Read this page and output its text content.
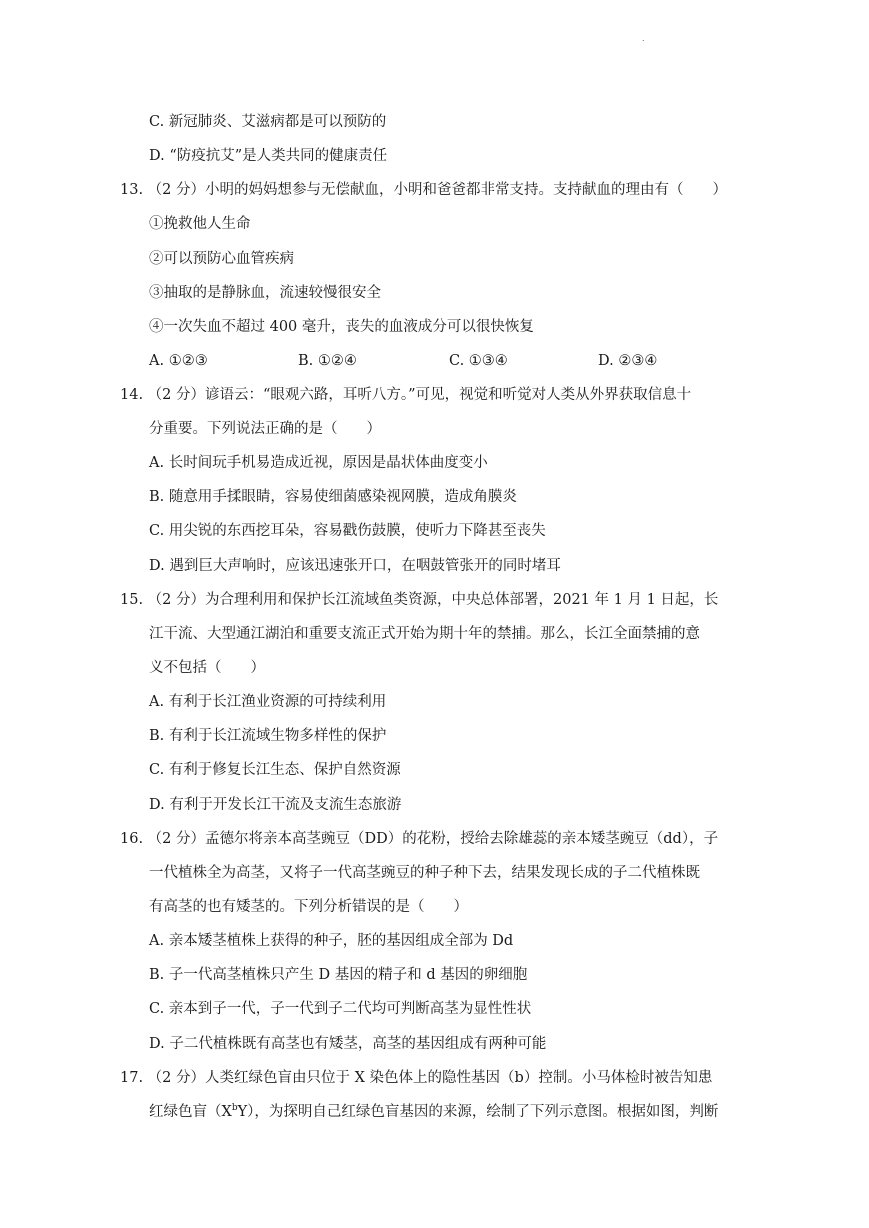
.
C. 新冠肺炎、艾滋病都是可以预防的
D. “防疫抗艾”是人类共同的健康责任
13. （2 分）小明的妈妈想参与无偿献血，小明和爸爸都非常支持。支持献血的理由有（　　）
①挽救他人生命
②可以预防心血管疾病
③抽取的是静脉血，流速较慢很安全
④一次失血不超过 400 毫升，丧失的血液成分可以很快恢复
A. ①②③	B. ①②④	C. ①③④	D. ②③④
14. （2 分）谚语云：“眼观六路，耳听八方。”可见，视觉和听觉对人类从外界获取信息十
分重要。下列说法正确的是（　　）
A. 长时间玩手机易造成近视，原因是晶状体曲度变小
B. 随意用手揉眼睛，容易使细菌感染视网膜，造成角膜炎
C. 用尖锐的东西挖耳朵，容易戳伤鼓膜，使听力下降甚至丧失
D. 遇到巨大声响时，应该迅速张开口，在咽鼓管张开的同时堵耳
15. （2 分）为合理利用和保护长江流域鱼类资源，中央总体部署，2021 年 1 月 1 日起，长
江干流、大型通江湖泊和重要支流正式开始为期十年的禁捕。那么，长江全面禁捕的意
义不包括（　　）
A. 有利于长江渔业资源的可持续利用
B. 有利于长江流域生物多样性的保护
C. 有利于修复长江生态、保护自然资源
D. 有利于开发长江干流及支流生态旅游
16. （2 分）孟德尔将亲本高茎豌豆（DD）的花粉，授给去除雄蕊的亲本矮茎豌豆（dd），子
一代植株全为高茎，又将子一代高茎豌豆的种子种下去，结果发现长成的子二代植株既
有高茎的也有矮茎的。下列分析错误的是（　　）
A. 亲本矮茎植株上获得的种子，胚的基因组成全部为 Dd
B. 子一代高茎植株只产生 D 基因的精子和 d 基因的卵细胞
C. 亲本到子一代，子一代到子二代均可判断高茎为显性性状
D. 子二代植株既有高茎也有矮茎，高茎的基因组成有两种可能
17. （2 分）人类红绿色盲由只位于 X 染色体上的隐性基因（b）控制。小马体检时被告知患
红绿色盲$(X^bY)$，为探明自己红绿色盲基因的来源，绘制了下列示意图。根据如图，判断
